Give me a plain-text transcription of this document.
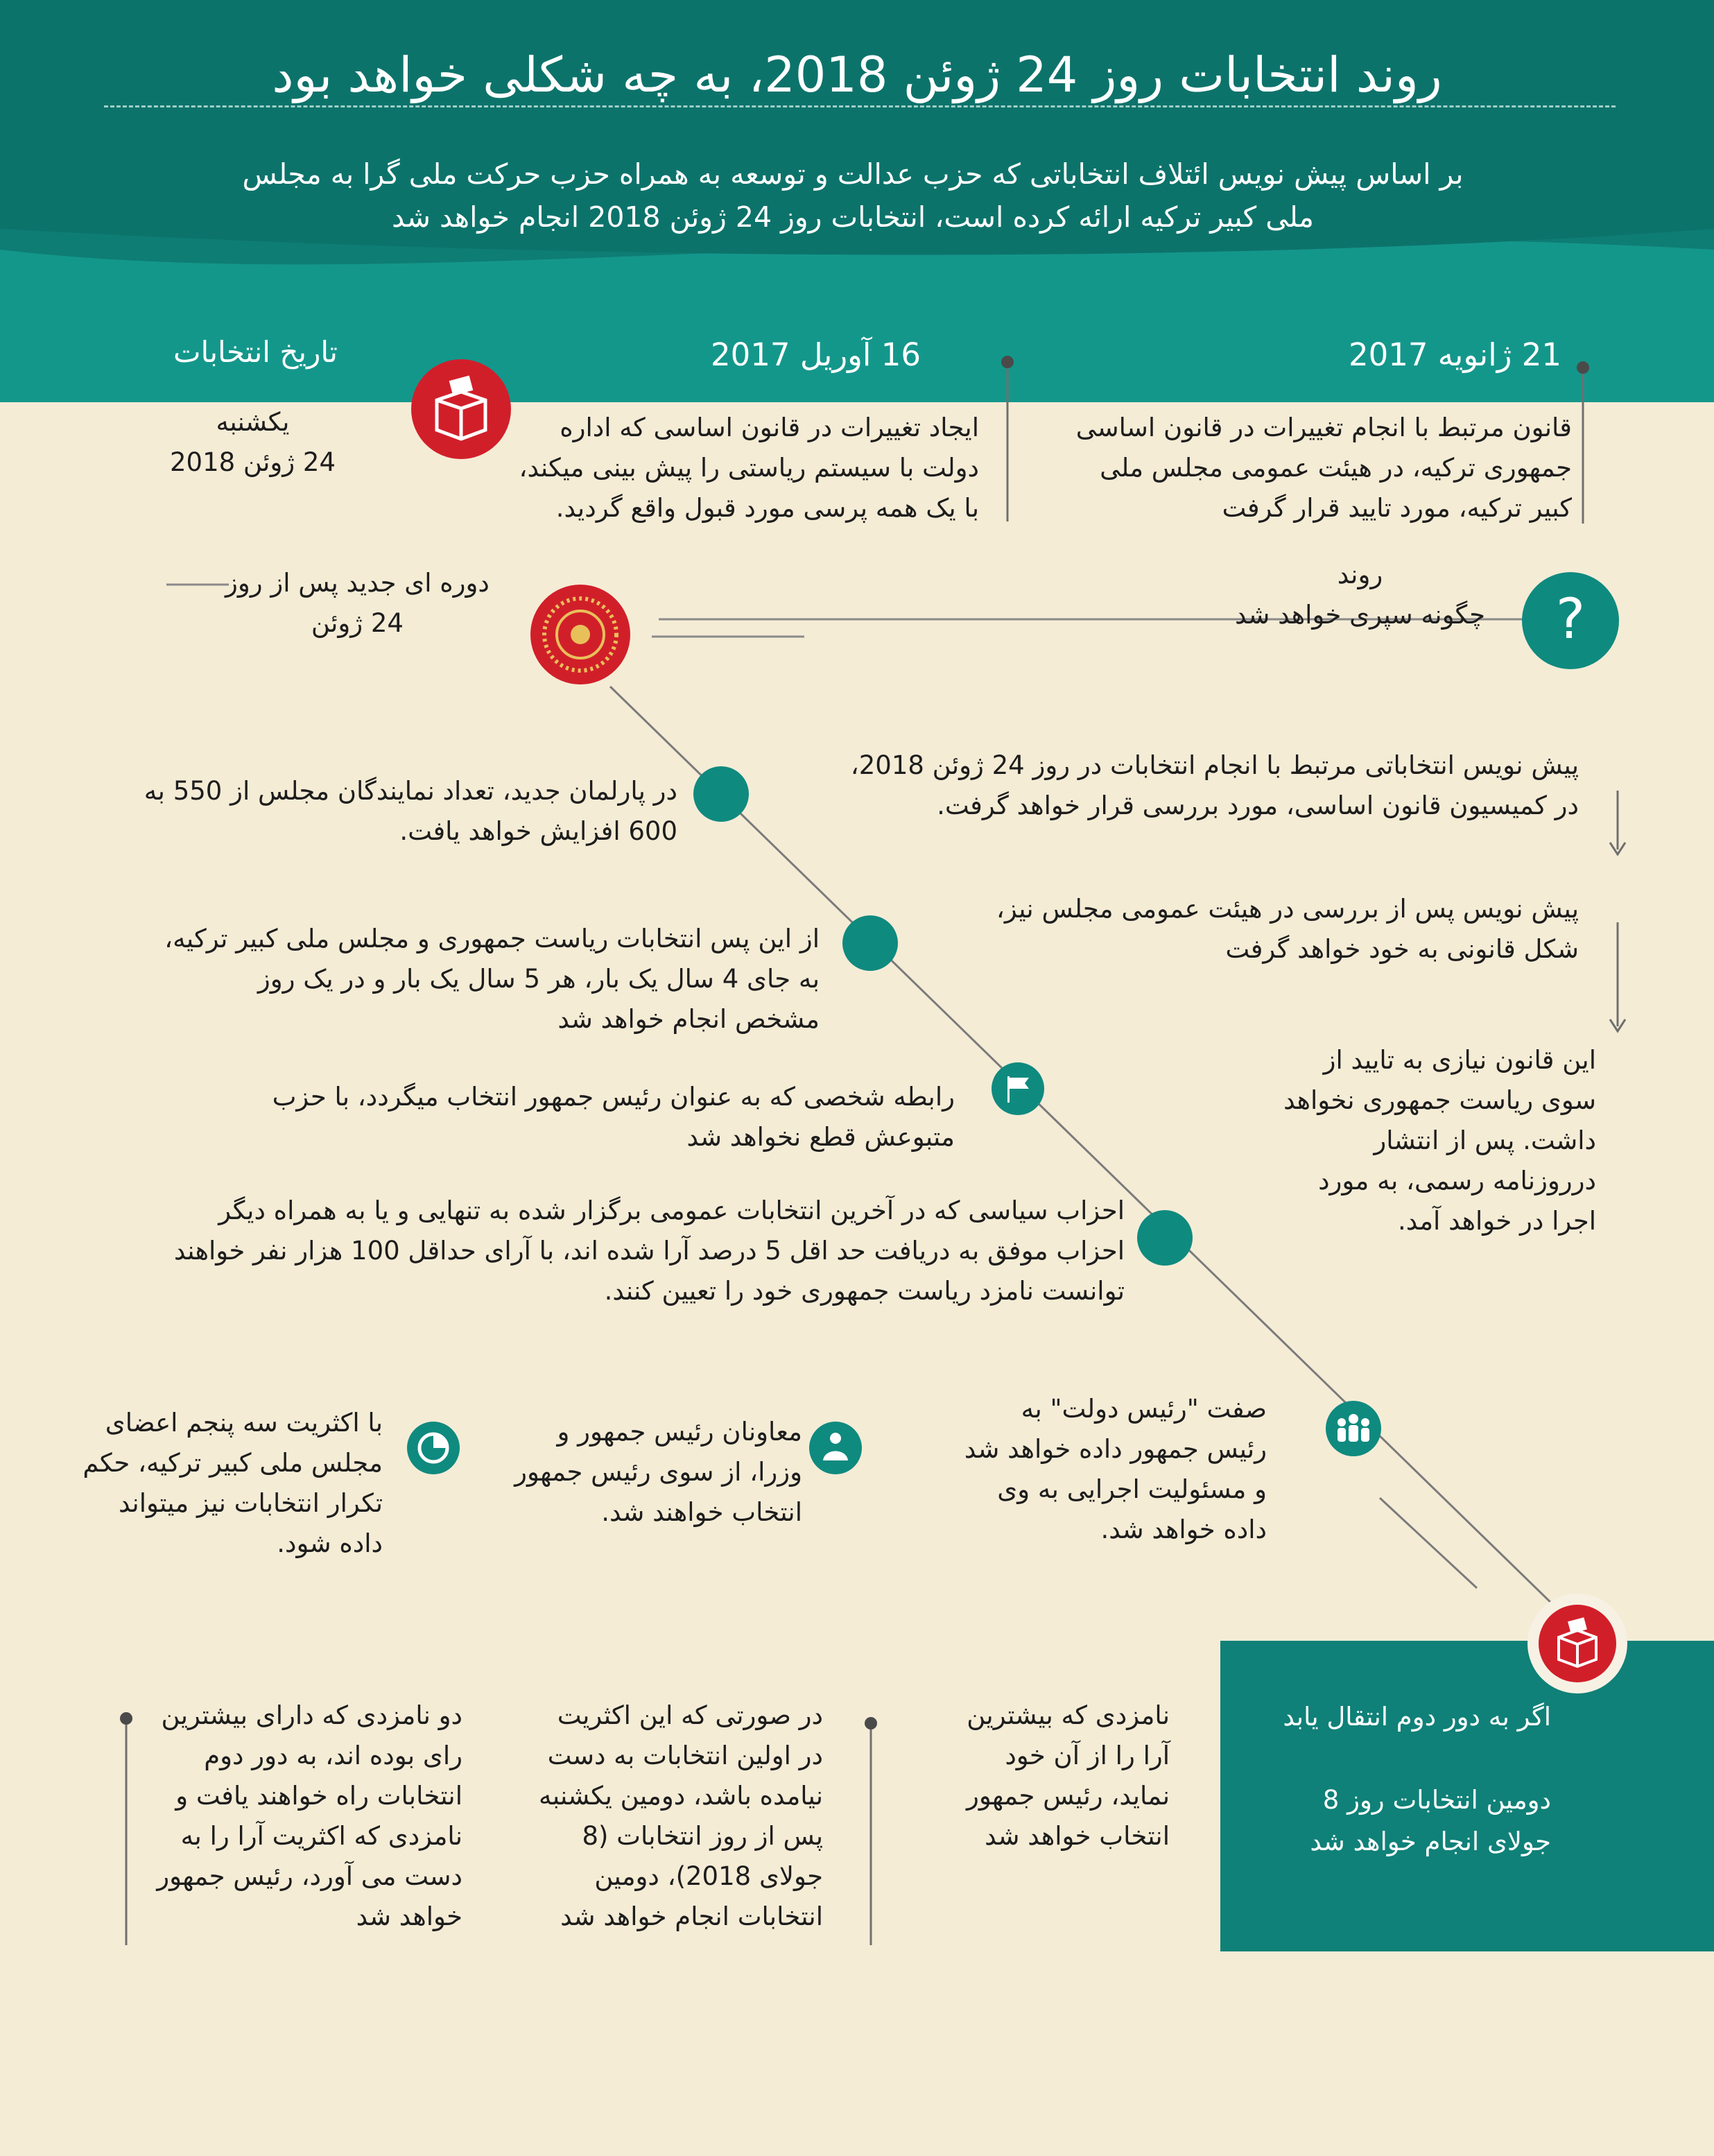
روند انتخابات روز 24 ژوئن 2018، به چه شکلی خواهد بود
بر اساس پیش نویس ائتلاف انتخاباتی که حزب عدالت و توسعه به همراه حزب حرکت ملی گرا به مجلس
ملی کبیر ترکیه ارائه کرده است، انتخابات روز 24 ژوئن 2018 انجام خواهد شد
21 ژانویه 2017
16 آوریل 2017
تاریخ انتخابات
قانون مرتبط با انجام تغییرات در قانون اساسی
جمهوری ترکیه، در هیئت عمومی مجلس ملی
کبیر ترکیه، مورد تایید قرار گرفت
ایجاد تغییرات در قانون اساسی که اداره
دولت با سیستم ریاستی را پیش بینی میکند،
با یک همه پرسی مورد قبول واقع گردید.
یکشنبه
24 ژوئن 2018
?
روند
چگونه سپری خواهد شد
دوره ای جدید پس از روز
24 ژوئن
پیش نویس انتخاباتی مرتبط با انجام انتخابات در روز 24 ژوئن 2018،
در کمیسیون قانون اساسی، مورد بررسی قرار خواهد گرفت.
پیش نویس پس از بررسی در هیئت عمومی مجلس نیز،
شکل قانونی به خود خواهد گرفت
این قانون نیازی به تایید از
سوی ریاست جمهوری نخواهد
داشت. پس از انتشار
درروزنامه رسمی، به مورد
اجرا در خواهد آمد.
در پارلمان جدید، تعداد نمایندگان مجلس از 550 به
600 افزایش خواهد یافت.
از این پس انتخابات ریاست جمهوری و مجلس ملی کبیر ترکیه،
به جای 4 سال یک بار، هر 5 سال یک بار و در یک روز
مشخص انجام خواهد شد
رابطه شخصی که به عنوان رئیس جمهور انتخاب میگردد، با حزب
متبوعش قطع نخواهد شد
احزاب سیاسی که در آخرین انتخابات عمومی برگزار شده به تنهایی و یا به همراه دیگر
احزاب موفق به دریافت حد اقل 5 درصد آرا شده اند، با آرای حداقل 100 هزار نفر خواهند
توانست نامزد ریاست جمهوری خود را تعیین کنند.
صفت "رئیس دولت" به
رئیس جمهور داده خواهد شد
و مسئولیت اجرایی به وی
داده خواهد شد.
معاونان رئیس جمهور و
وزرا، از سوی رئیس جمهور
انتخاب خواهند شد.
با اکثریت سه پنجم اعضای
مجلس ملی کبیر ترکیه، حکم
تکرار انتخابات نیز میتواند
داده شود.
اگر به دور دوم انتقال یابد
دومین انتخابات روز 8
جولای انجام خواهد شد
نامزدی که بیشترین
آرا را از آن خود
نماید، رئیس جمهور
انتخاب خواهد شد
در صورتی که این اکثریت
در اولین انتخابات به دست
نیامده باشد، دومین یکشنبه
پس از روز انتخابات (8
جولای 2018)، دومین
انتخابات انجام خواهد شد
دو نامزدی که دارای بیشترین
رای بوده اند، به دور دوم
انتخابات راه خواهند یافت و
نامزدی که اکثریت آرا را به
دست می آورد، رئیس جمهور
خواهد شد
